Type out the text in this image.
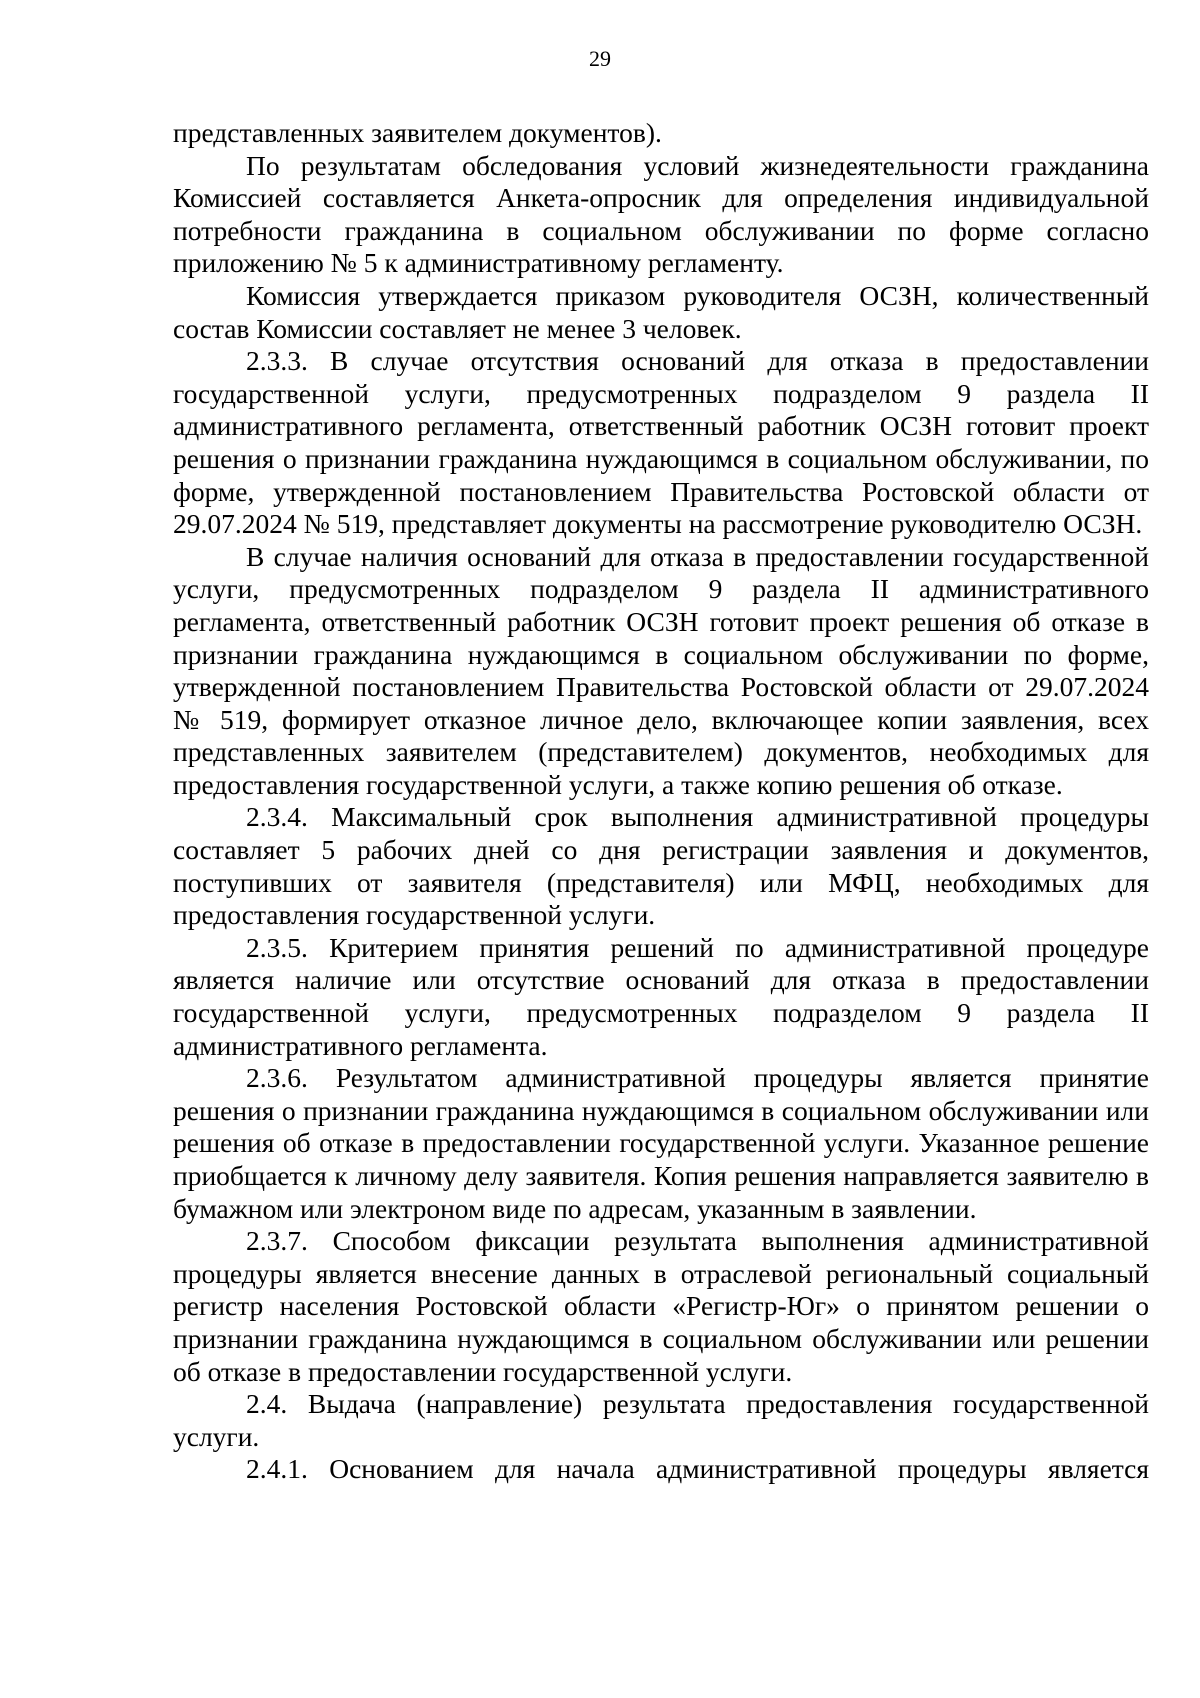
29

представленных заявителем документов).

По результатам обследования условий жизнедеятельности гражданина Комиссией составляется Анкета-опросник для определения индивидуальной потребности гражданина в социальном обслуживании по форме согласно приложению № 5 к административному регламенту.

Комиссия утверждается приказом руководителя ОСЗН, количественный состав Комиссии составляет не менее 3 человек.

2.3.3. В случае отсутствия оснований для отказа в предоставлении государственной услуги, предусмотренных подразделом 9 раздела II административного регламента, ответственный работник ОСЗН готовит проект решения о признании гражданина нуждающимся в социальном обслуживании, по форме, утвержденной постановлением Правительства Ростовской области от 29.07.2024 № 519, представляет документы на рассмотрение руководителю ОСЗН.

В случае наличия оснований для отказа в предоставлении государственной услуги, предусмотренных подразделом 9 раздела II административного регламента, ответственный работник ОСЗН готовит проект решения об отказе в признании гражданина нуждающимся в социальном обслуживании по форме, утвержденной постановлением Правительства Ростовской области от 29.07.2024 № 519, формирует отказное личное дело, включающее копии заявления, всех представленных заявителем (представителем) документов, необходимых для предоставления государственной услуги, а также копию решения об отказе.

2.3.4. Максимальный срок выполнения административной процедуры составляет 5 рабочих дней со дня регистрации заявления и документов, поступивших от заявителя (представителя) или МФЦ, необходимых для предоставления государственной услуги.

2.3.5. Критерием принятия решений по административной процедуре является наличие или отсутствие оснований для отказа в предоставлении государственной услуги, предусмотренных подразделом 9 раздела II административного регламента.

2.3.6. Результатом административной процедуры является принятие решения о признании гражданина нуждающимся в социальном обслуживании или решения об отказе в предоставлении государственной услуги. Указанное решение приобщается к личному делу заявителя. Копия решения направляется заявителю в бумажном или электроном виде по адресам, указанным в заявлении.

2.3.7. Способом фиксации результата выполнения административной процедуры является внесение данных в отраслевой региональный социальный регистр населения Ростовской области «Регистр-Юг» о принятом решении о признании гражданина нуждающимся в социальном обслуживании или решении об отказе в предоставлении государственной услуги.

2.4. Выдача (направление) результата предоставления государственной услуги.

2.4.1. Основанием для начала административной процедуры является
